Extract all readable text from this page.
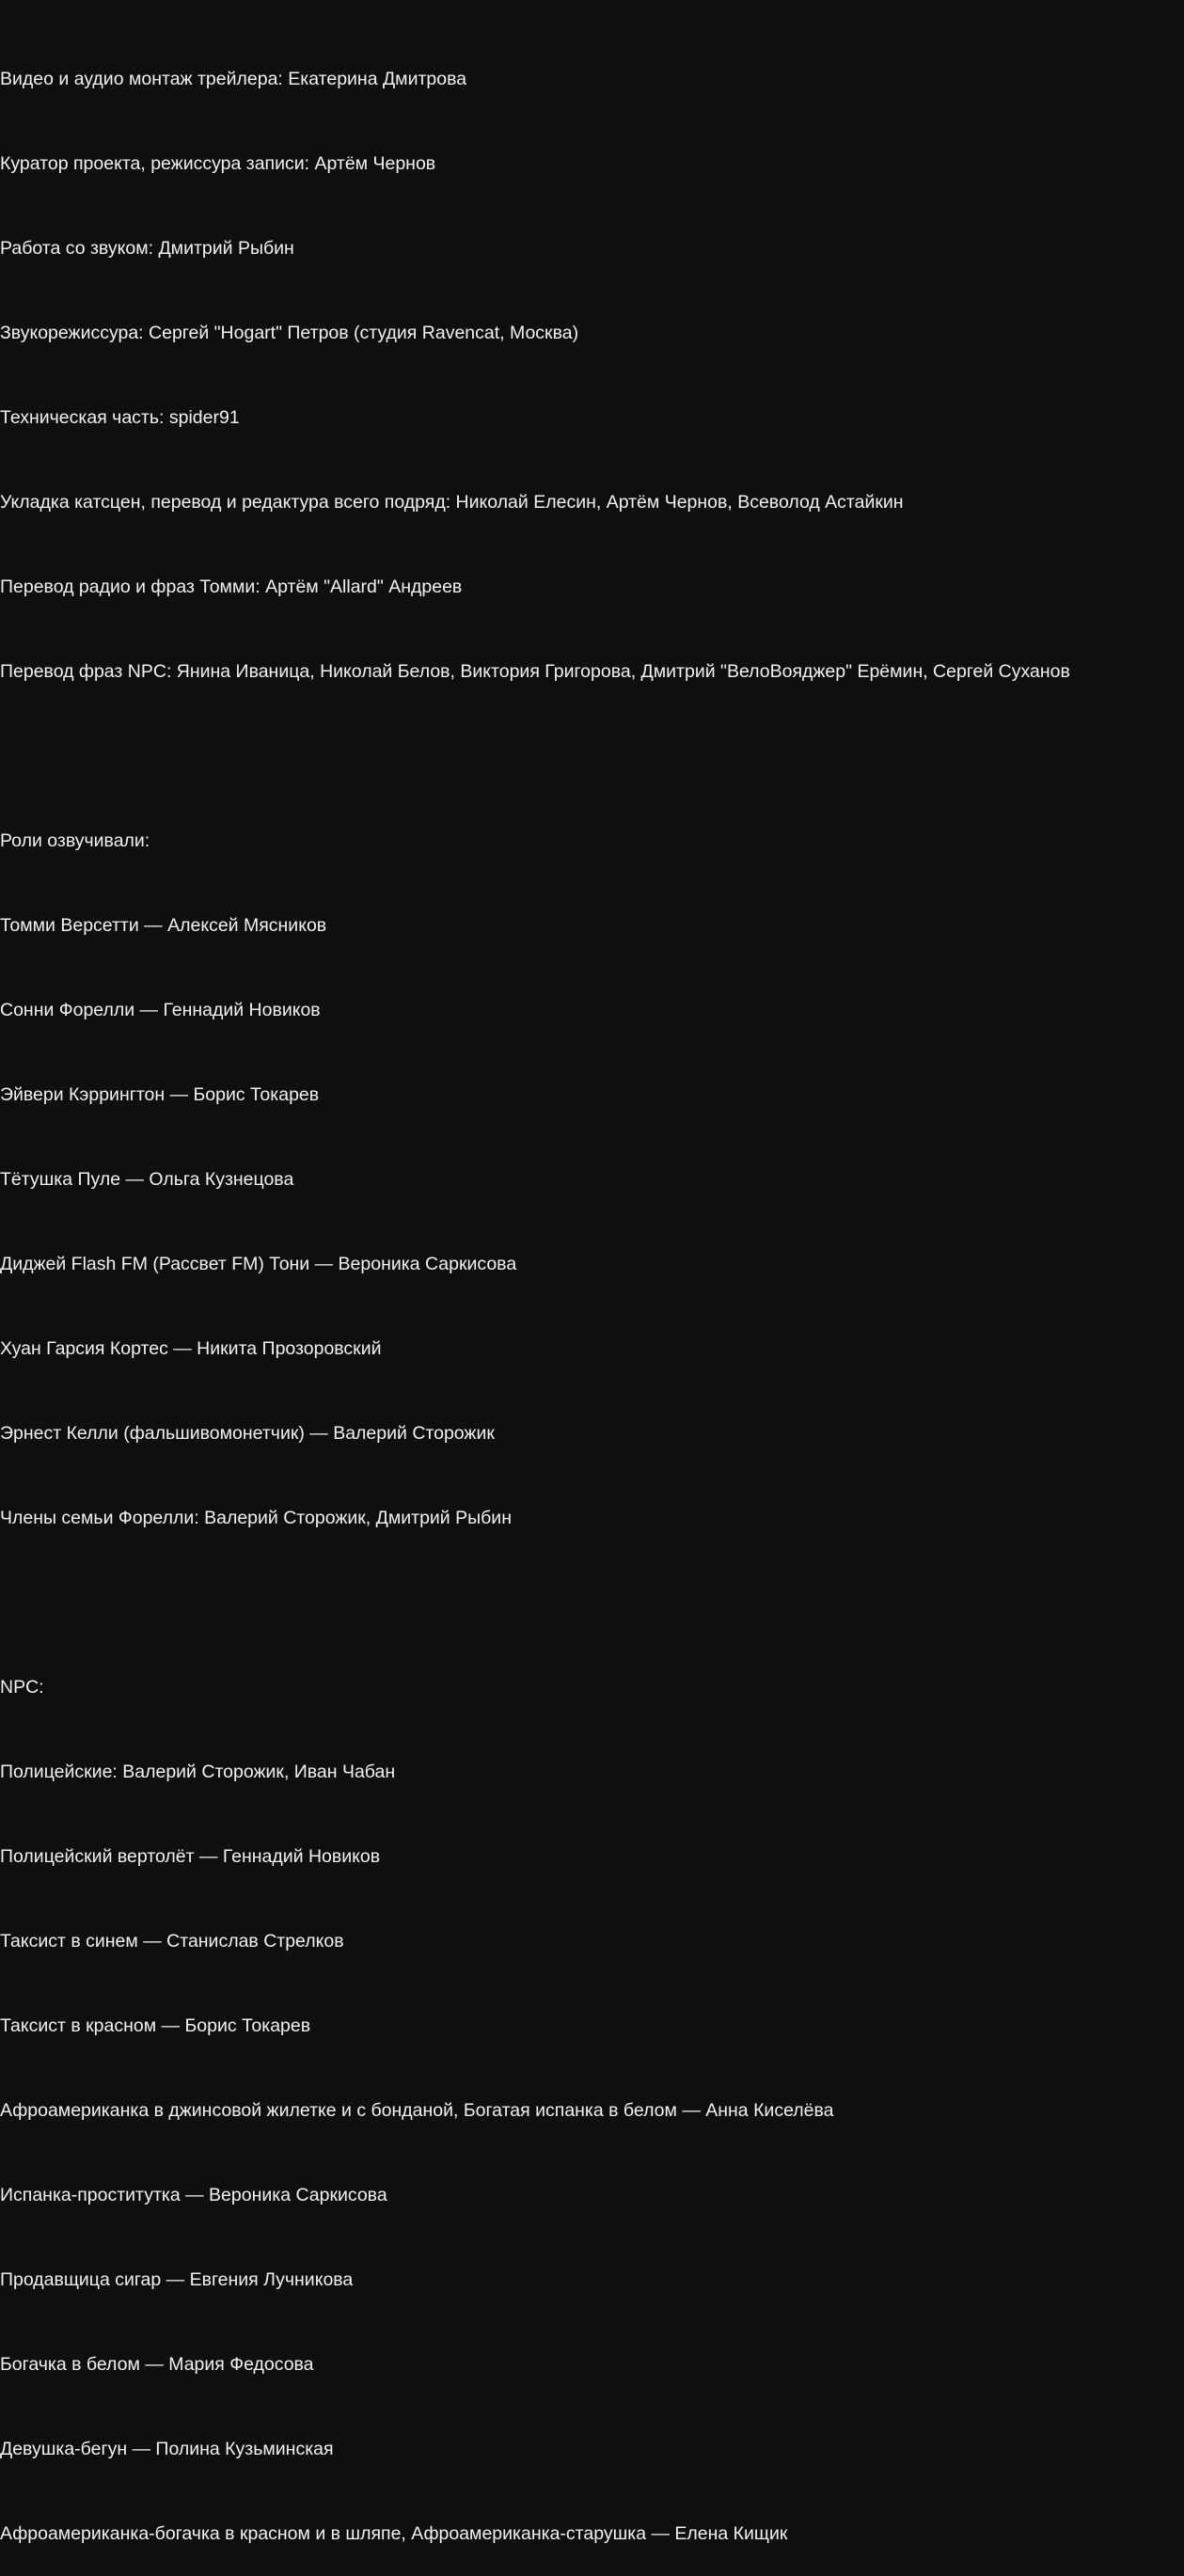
Видео и аудио монтаж трейлера: Екатерина Дмитрова

Куратор проекта, режиссура записи: Артём Чернов

Работа со звуком: Дмитрий Рыбин

Звукорежиссура: Сергей "Hogart" Петров (студия Ravencat, Москва)

Техническая часть: spider91

Укладка катсцен, перевод и редактура всего подряд: Николай Елесин, Артём Чернов, Всеволод Астайкин

Перевод радио и фраз Томми: Артём "Allard" Андреев

Перевод фраз NPC: Янина Иваница, Николай Белов, Виктория Григорова, Дмитрий "ВелоВояджер" Ерёмин, Сергей Суханов

Роли озвучивали:

Томми Версетти — Алексей Мясников

Сонни Форелли — Геннадий Новиков

Эйвери Кэррингтон — Борис Токарев

Тётушка Пуле — Ольга Кузнецова

Диджей Flash FM (Рассвет FM) Тони — Вероника Саркисова

Хуан Гарсия Кортес — Никита Прозоровский

Эрнест Келли (фальшивомонетчик) — Валерий Сторожик

Члены семьи Форелли: Валерий Сторожик, Дмитрий Рыбин

NPC:

Полицейские: Валерий Сторожик, Иван Чабан

Полицейский вертолёт — Геннадий Новиков

Таксист в синем — Станислав Стрелков

Таксист в красном — Борис Токарев

Афроамериканка в джинсовой жилетке и с бонданой, Богатая испанка в белом — Анна Киселёва

Испанка-проститутка — Вероника Саркисова

Продавщица сигар — Евгения Лучникова

Богачка в белом — Мария Федосова

Девушка-бегун — Полина Кузьминская

Афроамериканка-богачка в красном и в шляпе, Афроамериканка-старушка — Елена Кищик
